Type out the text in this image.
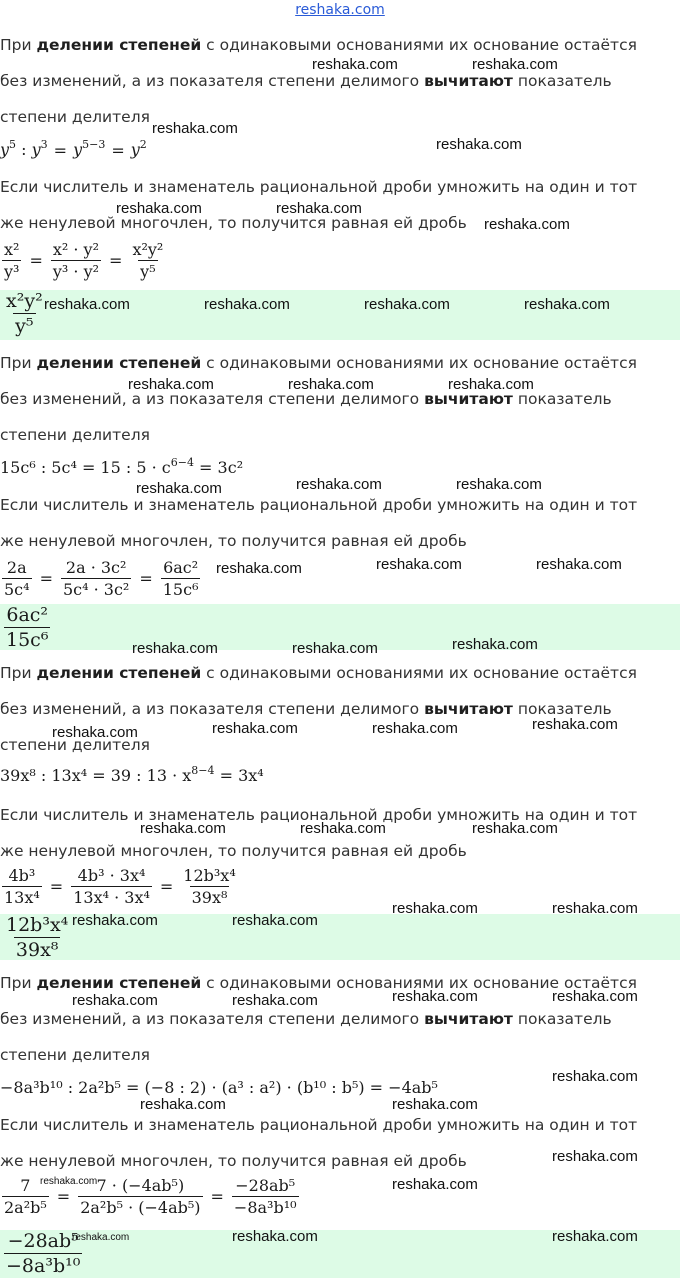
reshaka.com
При делении степеней с одинаковыми основаниями их основание остаётся
без изменений, а из показателя степени делимого вычитают показатель
степени делителя
$y^5$ : $y^3 = y^{5-3} = y^2$
Если числитель и знаменатель рациональной дроби умножить на один и тот
же ненулевой многочлен, то получится равная ей дробь
$\frac{\text{x²}}{\text{y³}} = \frac{\text{x² · y²}}{\text{y³ · y²}} = \frac{\text{x²y²}}{\text{y⁵}}$
$\frac{\text{x²y²}}{\text{y⁵}}$
При делении степеней с одинаковыми основаниями их основание остаётся
без изменений, а из показателя степени делимого вычитают показатель
степени делителя
15c⁶ : 5c⁴ = 15 : $5 \cdot c^{6-4} = 3c^2$
Если числитель и знаменатель рациональной дроби умножить на один и тот
же ненулевой многочлен, то получится равная ей дробь
$\frac{2a}{\text{5c⁴}} = \frac{\text{2a · 3c²}}{\text{5c⁴ · 3c²}} = \frac{\text{6ac²}}{\text{15c⁶}}$
$\frac{\text{6ac²}}{\text{15c⁶}}$
При делении степеней с одинаковыми основаниями их основание остаётся
без изменений, а из показателя степени делимого вычитают показатель
степени делителя
39x⁸ : 13x⁴ = 39 : $13 \cdot x^{8-4} = 3x^4$
Если числитель и знаменатель рациональной дроби умножить на один и тот
же ненулевой многочлен, то получится равная ей дробь
$\frac{\text{4b³}}{\text{13x⁴}} = \frac{\text{4b³ · 3x⁴}}{\text{13x⁴ · 3x⁴}} = \frac{\text{12b³x⁴}}{\text{39x⁸}}$
$\frac{\text{12b³x⁴}}{\text{39x⁸}}$
При делении степеней с одинаковыми основаниями их основание остаётся
без изменений, а из показателя степени делимого вычитают показатель
степени делителя
−8a³b¹⁰ : 2a²b⁵ = (−8 : 2) · (a³ : a²) · (b¹⁰ : b⁵) = −4ab⁵
Если числитель и знаменатель рациональной дроби умножить на один и тот
же ненулевой многочлен, то получится равная ей дробь
$\frac{7}{\text{2a²b⁵}} = \frac{\text{7 · (−4ab⁵)}}{\text{2a²b⁵ · (−4ab⁵)}} = \frac{\text{−28ab⁵}}{\text{−8a³b¹⁰}}$
$\frac{\text{−28ab⁵}}{\text{−8a³b¹⁰}}$
reshaka.com	reshaka.com
reshaka.com
reshaka.com
reshaka.com	reshaka.com
reshaka.com
reshaka.com	reshaka.com	reshaka.com	reshaka.com
reshaka.com	reshaka.com	reshaka.com
reshaka.com	reshaka.com
reshaka.com
reshaka.com	reshaka.com	reshaka.com
reshaka.com	reshaka.com	reshaka.com
reshaka.com	reshaka.com	reshaka.com	reshaka.com
reshaka.com	reshaka.com	reshaka.com
reshaka.com	reshaka.com
reshaka.com	reshaka.com
reshaka.com	reshaka.com
reshaka.com	reshaka.com
reshaka.com
reshaka.com	reshaka.com
reshaka.com
reshaka.com	reshaka.com
reshaka.com	reshaka.com	reshaka.com
